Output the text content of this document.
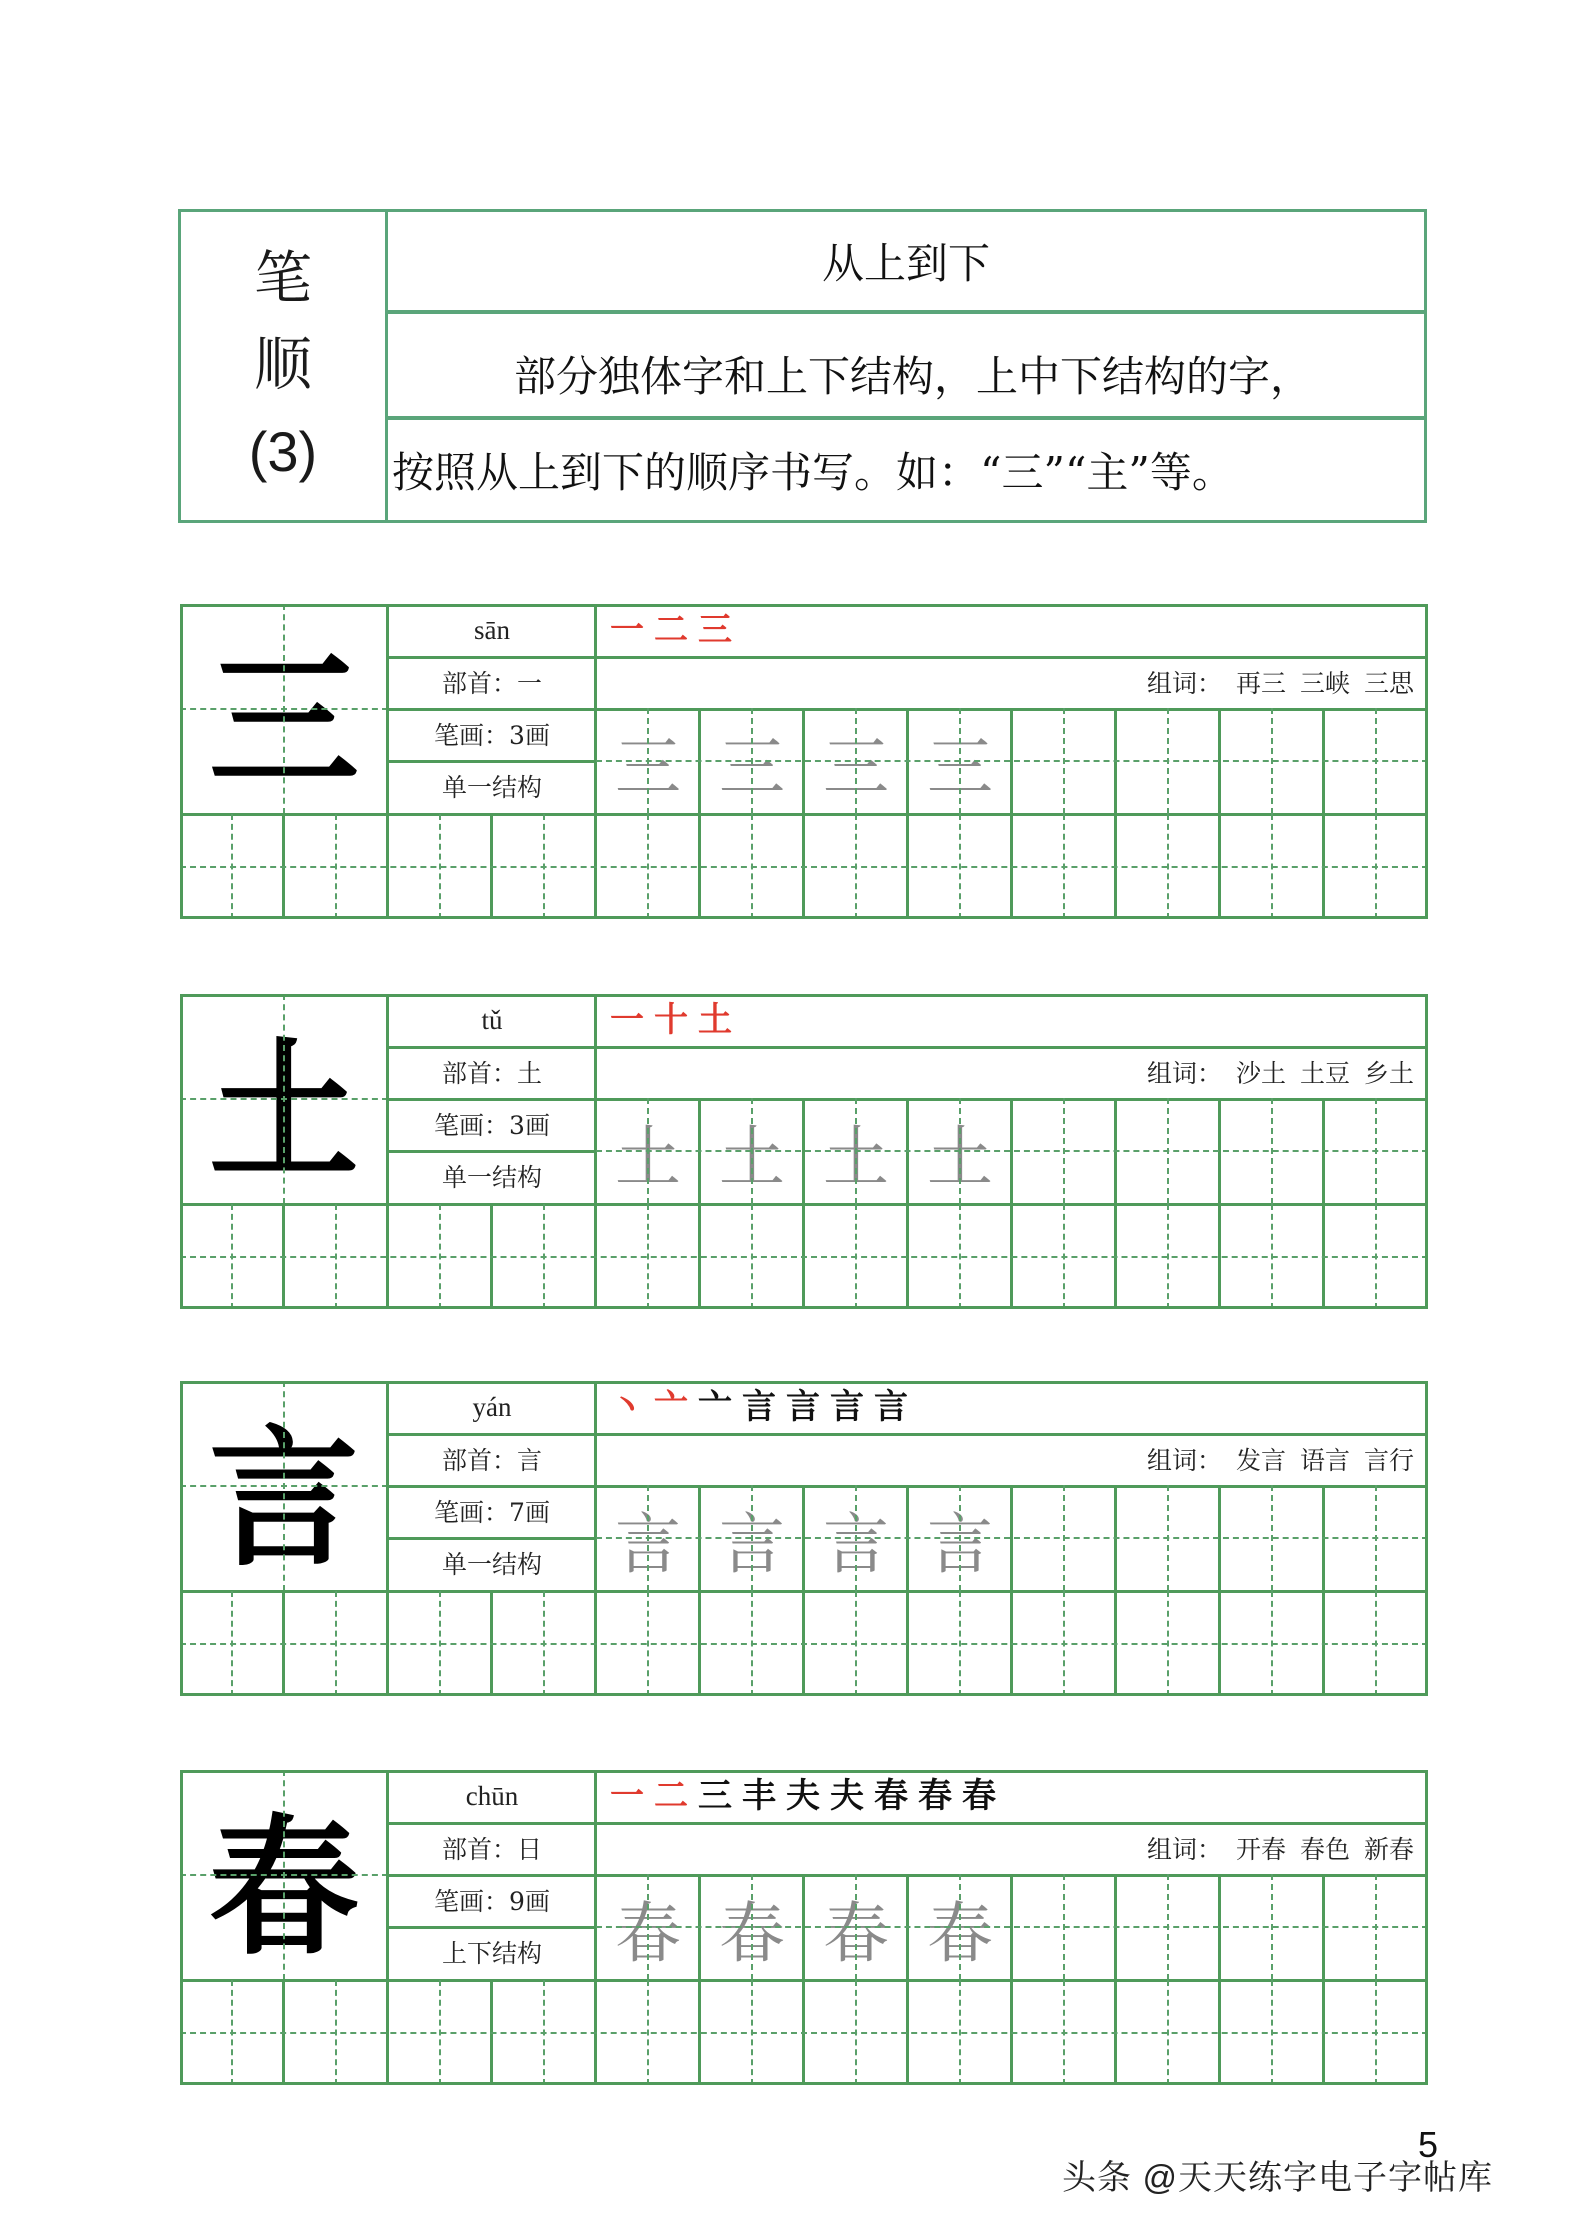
笔
顺
(3)
从上到下
部分独体字和上下结构，上中下结构的字，
按照从上到下的顺序书写。如：“三”“主”等。
三
sān
部首：一
笔画：3画
单一结构
一 二 三
组词： 再三 三峡 三思
三 三 三 三
土
tǔ
部首：土
笔画：3画
单一结构
一 十 土
组词： 沙土 土豆 乡土
土 土 土 土
言
yán
部首：言
笔画：7画
单一结构
丶 亠 亠 言 言 言 言
组词： 发言 语言 言行
言 言 言 言
春
chūn
部首：日
笔画：9画
上下结构
一 二 三 丰 夫 夫 春 春 春
组词： 开春 春色 新春
春 春 春 春
5
头条 @天天练字电子字帖库
